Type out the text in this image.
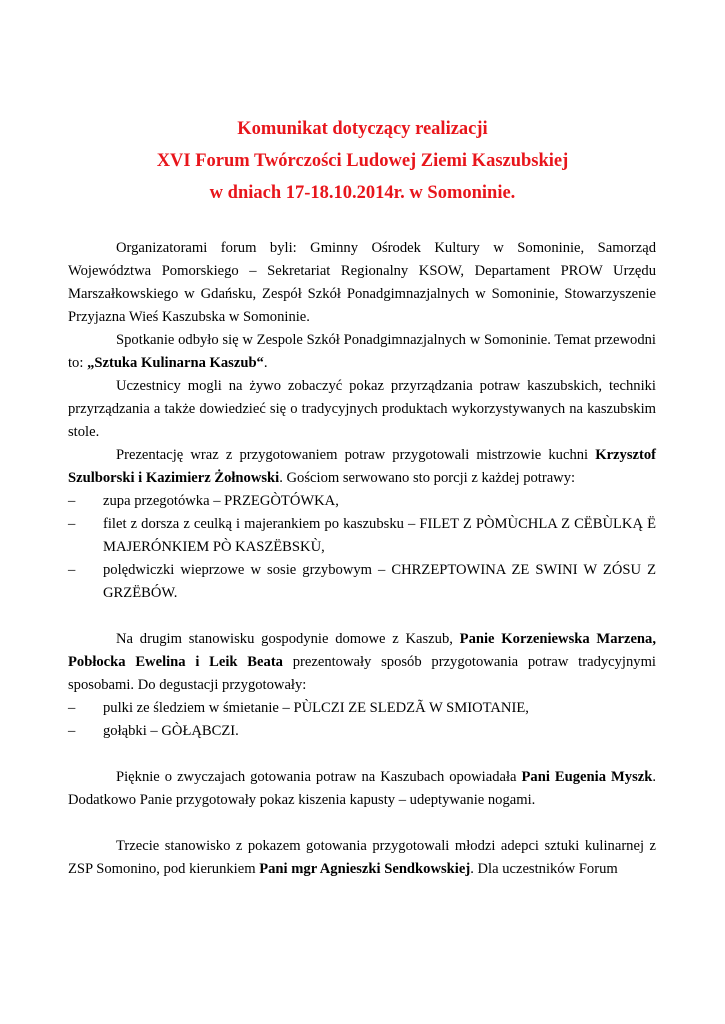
Komunikat dotyczący realizacji
XVI Forum Twórczości Ludowej Ziemi Kaszubskiej
w dniach 17-18.10.2014r. w Somoninie.

Organizatorami forum byli: Gminny Ośrodek Kultury w Somoninie, Samorząd Województwa Pomorskiego – Sekretariat Regionalny KSOW, Departament PROW Urzędu Marszałkowskiego w Gdańsku, Zespół Szkół Ponadgimnazjalnych w Somoninie, Stowarzyszenie Przyjazna Wieś Kaszubska w Somoninie.

Spotkanie odbyło się w Zespole Szkół Ponadgimnazjalnych w Somoninie. Temat przewodni to: „Sztuka Kulinarna Kaszub“.

Uczestnicy mogli na żywo zobaczyć pokaz przyrządzania potraw kaszubskich, techniki przyrządzania a także dowiedzieć się o tradycyjnych produktach wykorzystywanych na kaszubskim stole.

Prezentację wraz z przygotowaniem potraw przygotowali mistrzowie kuchni Krzysztof Szulborski i Kazimierz Żołnowski. Gościom serwowano sto porcji z każdej potrawy:

– zupa przegotówka – PRZEGÒTÓWKA,
– filet z dorsza z ceulką i majerankiem po kaszubsku – FILET Z PÒMÙCHLA Z CËBÙLKĄ Ë MAJERÓNKIEM PÒ KASZËBSKÙ,
– polędwiczki wieprzowe w sosie grzybowym – CHRZEPTOWINA ZE SWINI W ZÓSU Z GRZËBÓW.

Na drugim stanowisku gospodynie domowe z Kaszub, Panie Korzeniewska Marzena, Pobłocka Ewelina i Leik Beata prezentowały sposób przygotowania potraw tradycyjnymi sposobami. Do degustacji przygotowały:

– pulki ze śledziem w śmietanie – PÙLCZI ZE SLEDZÃ W SMIOTANIE,
– gołąbki – GÒŁĄBCZI.

Pięknie o zwyczajach gotowania potraw na Kaszubach opowiadała Pani Eugenia Myszk. Dodatkowo Panie przygotowały pokaz kiszenia kapusty – udeptywanie nogami.

Trzecie stanowisko z pokazem gotowania przygotowali młodzi adepci sztuki kulinarnej z ZSP Somonino, pod kierunkiem Pani mgr Agnieszki Sendkowskiej. Dla uczestników Forum
